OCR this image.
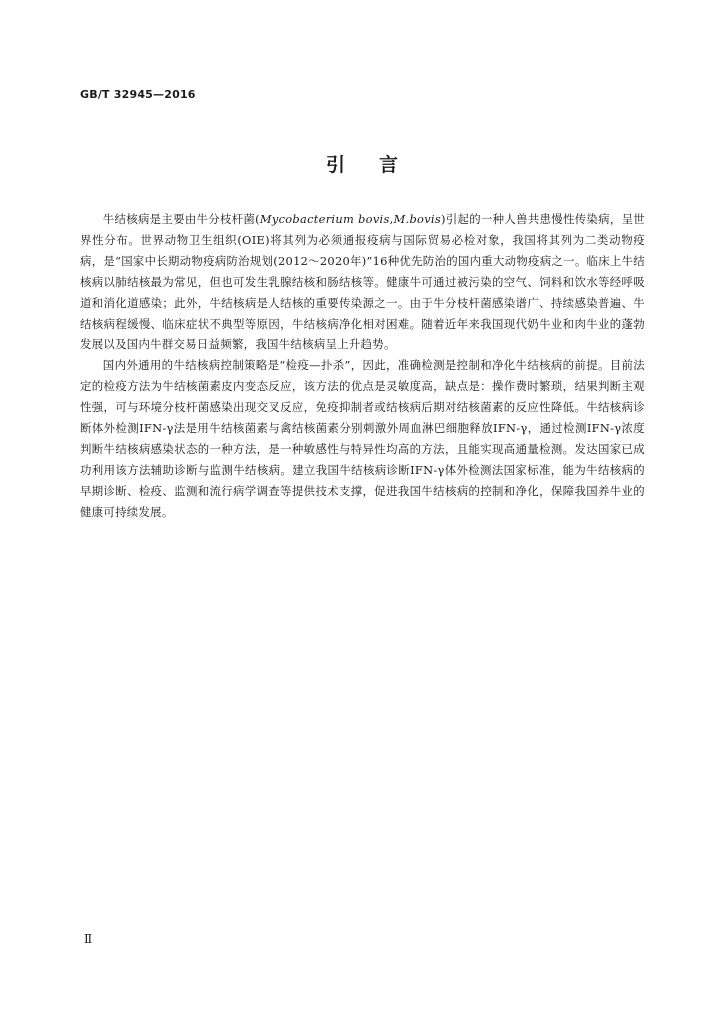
GB/T 32945—2016
引言

牛结核病是主要由牛分枝杆菌(Mycobacterium bovis,M.bovis)引起的一种人兽共患慢性传染病，呈世界性分布。世界动物卫生组织(OIE)将其列为必须通报疫病与国际贸易必检对象，我国将其列为二类动物疫病，是“国家中长期动物疫病防治规划(2012～2020年)”16种优先防治的国内重大动物疫病之一。临床上牛结核病以肺结核最为常见，但也可发生乳腺结核和肠结核等。健康牛可通过被污染的空气、饲料和饮水等经呼吸道和消化道感染；此外，牛结核病是人结核的重要传染源之一。由于牛分枝杆菌感染谱广、持续感染普遍、牛结核病程缓慢、临床症状不典型等原因，牛结核病净化相对困难。随着近年来我国现代奶牛业和肉牛业的蓬勃发展以及国内牛群交易日益频繁，我国牛结核病呈上升趋势。

国内外通用的牛结核病控制策略是“检疫—扑杀”，因此，准确检测是控制和净化牛结核病的前提。目前法定的检疫方法为牛结核菌素皮内变态反应，该方法的优点是灵敏度高，缺点是：操作费时繁琐，结果判断主观性强，可与环境分枝杆菌感染出现交叉反应，免疫抑制者或结核病后期对结核菌素的反应性降低。牛结核病诊断体外检测IFN-γ法是用牛结核菌素与禽结核菌素分别刺激外周血淋巴细胞释放IFN-γ，通过检测IFN-γ浓度判断牛结核病感染状态的一种方法，是一种敏感性与特异性均高的方法，且能实现高通量检测。发达国家已成功利用该方法辅助诊断与监测牛结核病。建立我国牛结核病诊断IFN-γ体外检测法国家标准，能为牛结核病的早期诊断、检疫、监测和流行病学调查等提供技术支撑，促进我国牛结核病的控制和净化，保障我国养牛业的健康可持续发展。

Ⅱ
